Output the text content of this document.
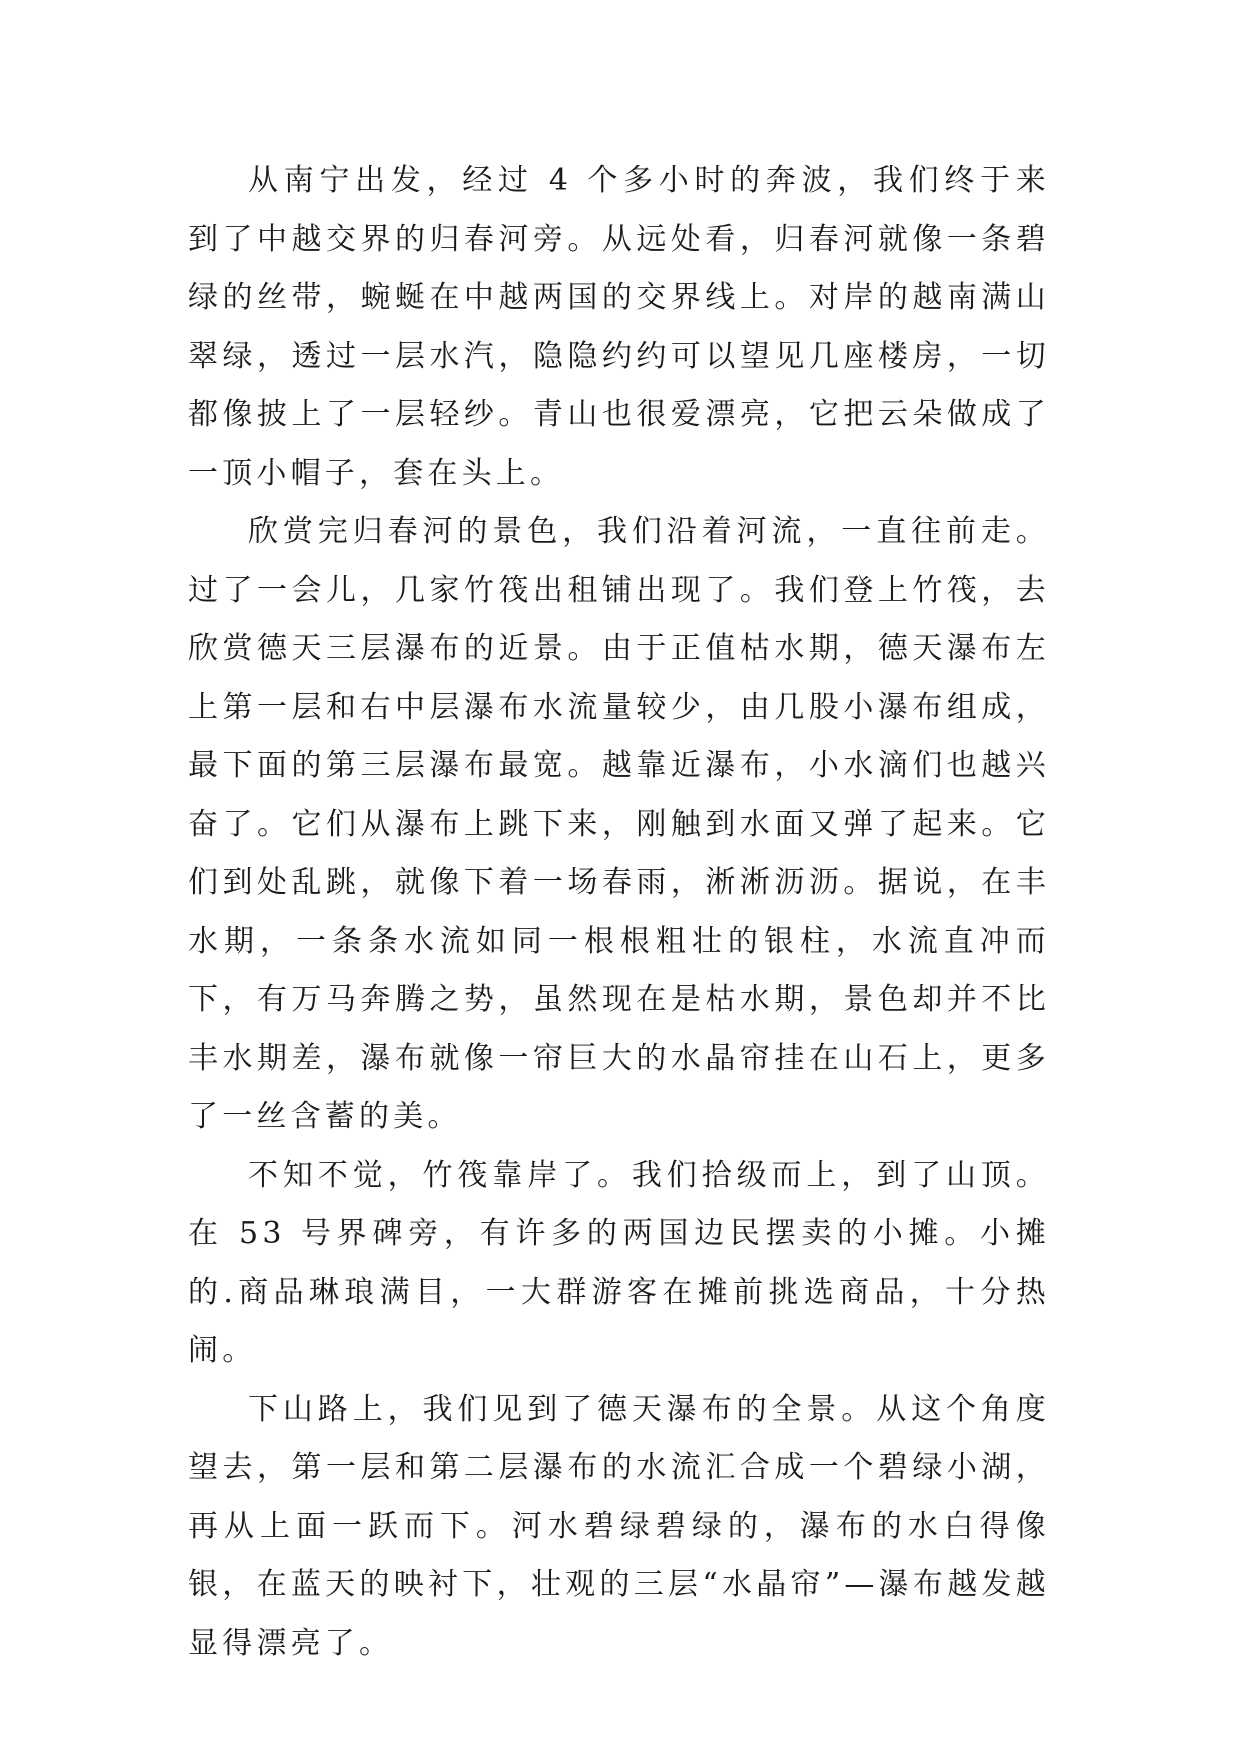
从南宁出发，经过 4 个多小时的奔波，我们终于来到了中越交界的归春河旁。从远处看，归春河就像一条碧绿的丝带，蜿蜒在中越两国的交界线上。对岸的越南满山翠绿，透过一层水汽，隐隐约约可以望见几座楼房，一切都像披上了一层轻纱。青山也很爱漂亮，它把云朵做成了一顶小帽子，套在头上。

欣赏完归春河的景色，我们沿着河流，一直往前走。过了一会儿，几家竹筏出租铺出现了。我们登上竹筏，去欣赏德天三层瀑布的近景。由于正值枯水期，德天瀑布左上第一层和右中层瀑布水流量较少，由几股小瀑布组成，最下面的第三层瀑布最宽。越靠近瀑布，小水滴们也越兴奋了。它们从瀑布上跳下来，刚触到水面又弹了起来。它们到处乱跳，就像下着一场春雨，淅淅沥沥。据说，在丰水期，一条条水流如同一根根粗壮的银柱，水流直冲而下，有万马奔腾之势，虽然现在是枯水期，景色却并不比丰水期差，瀑布就像一帘巨大的水晶帘挂在山石上，更多了一丝含蓄的美。

不知不觉，竹筏靠岸了。我们拾级而上，到了山顶。在 53 号界碑旁，有许多的两国边民摆卖的小摊。小摊的.商品琳琅满目，一大群游客在摊前挑选商品，十分热闹。

下山路上，我们见到了德天瀑布的全景。从这个角度望去，第一层和第二层瀑布的水流汇合成一个碧绿小湖，再从上面一跃而下。河水碧绿碧绿的，瀑布的水白得像银，在蓝天的映衬下，壮观的三层“水晶帘”—瀑布越发越显得漂亮了。
